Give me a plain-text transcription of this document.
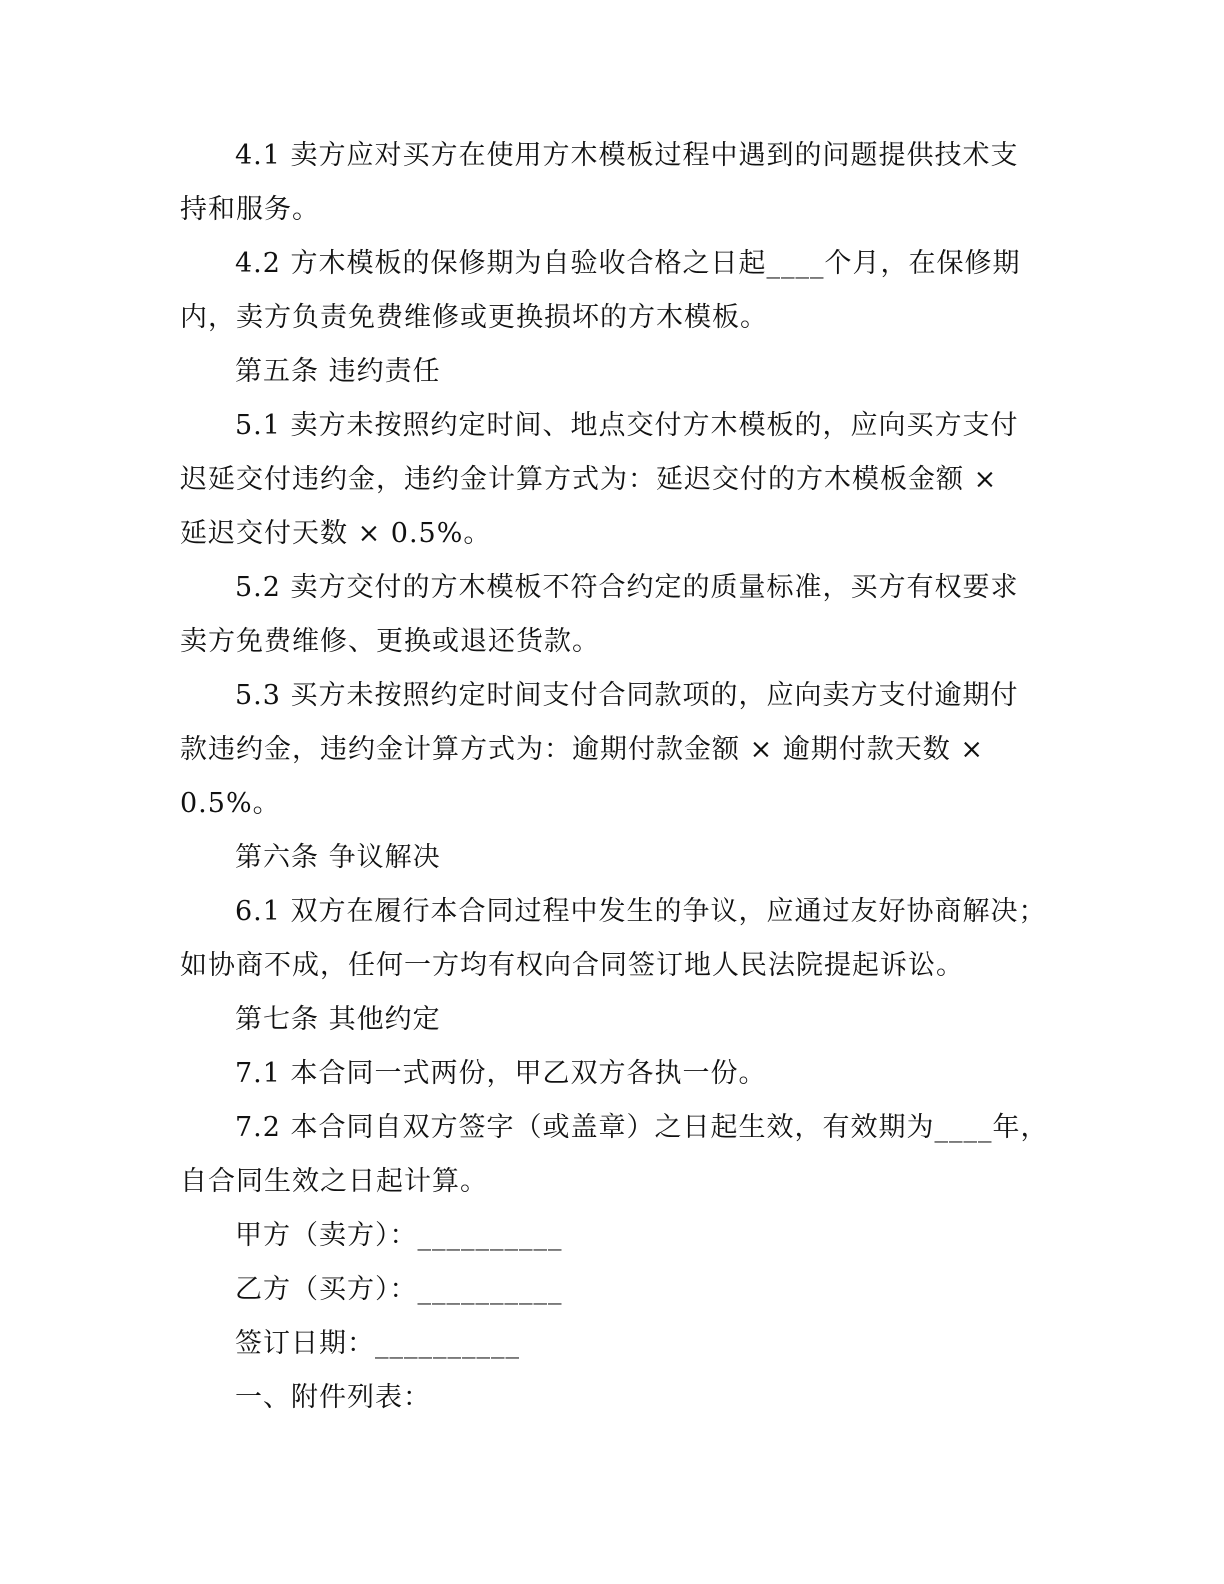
4.1 卖方应对买方在使用方木模板过程中遇到的问题提供技术支
持和服务。
4.2 方木模板的保修期为自验收合格之日起____个月，在保修期
内，卖方负责免费维修或更换损坏的方木模板。
第五条 违约责任
5.1 卖方未按照约定时间、地点交付方木模板的，应向买方支付
迟延交付违约金，违约金计算方式为：延迟交付的方木模板金额 ×
延迟交付天数 × 0.5%。
5.2 卖方交付的方木模板不符合约定的质量标准，买方有权要求
卖方免费维修、更换或退还货款。
5.3 买方未按照约定时间支付合同款项的，应向卖方支付逾期付
款违约金，违约金计算方式为：逾期付款金额 × 逾期付款天数 ×
0.5%。
第六条 争议解决
6.1 双方在履行本合同过程中发生的争议，应通过友好协商解决；
如协商不成，任何一方均有权向合同签订地人民法院提起诉讼。
第七条 其他约定
7.1 本合同一式两份，甲乙双方各执一份。
7.2 本合同自双方签字（或盖章）之日起生效，有效期为____年，
自合同生效之日起计算。
甲方（卖方）：__________
乙方（买方）：__________
签订日期：__________
一、附件列表：
